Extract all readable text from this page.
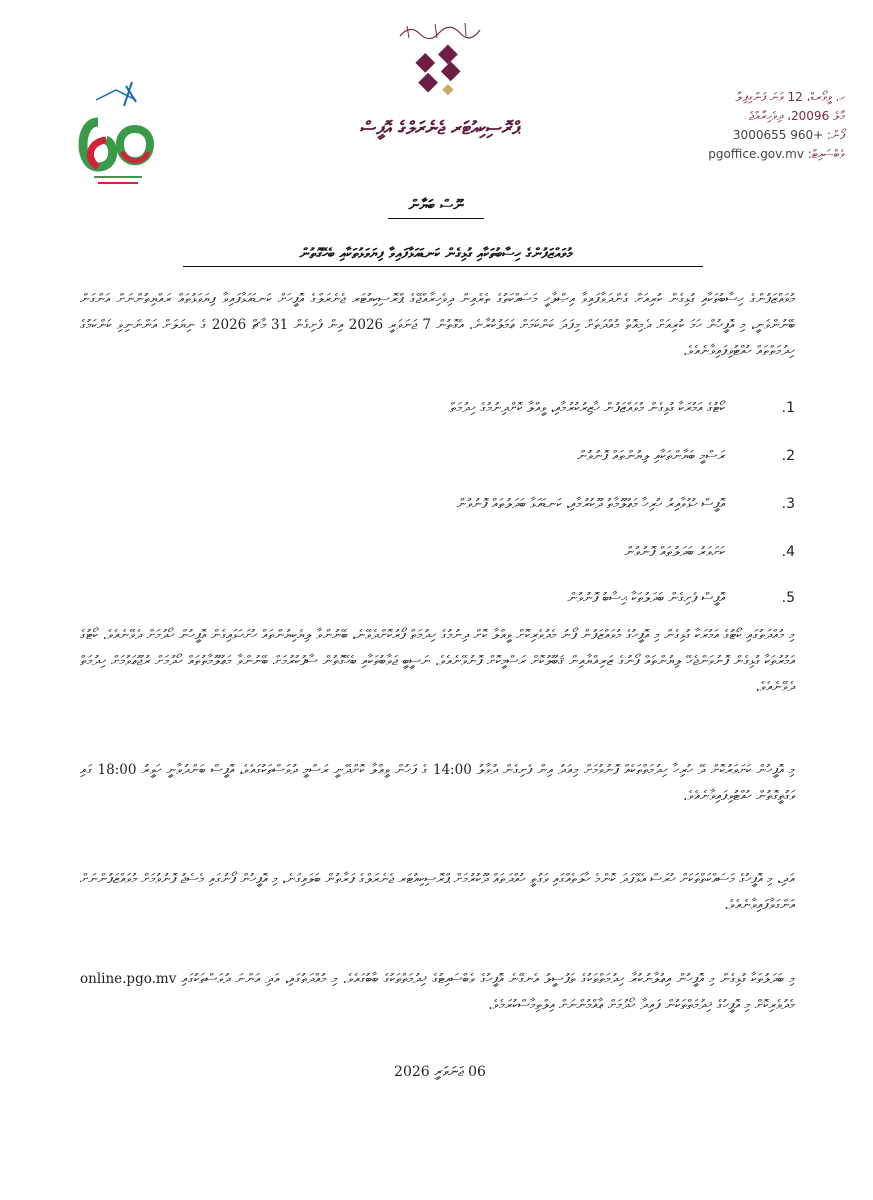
ޕްރޮސިކިއުޓަރ ޖެނެރަލްގެ އޮފީސް
ހ. ވީވޯރޑް، 12 ވަނަ ފަންގިފިލާ
މާލެ 20096، ދިވެހިރާއްޖެ
ފޯން: +960 3000655
ވެބްސައިޓް: pgoffice.gov.mv
ނޫސް ބަޔާން
މުވައްޒަފުންގެ ހިސާބުތަކާއި ގުޅިގެން ކަނޑައަޅާފައިވާ ފިޔަވަޅުތަކާއި ބެހޭގޮތުން
މުވައްޒަފުންގެ ހިސާބުތަކާއި ގުޅިގެން ކުރިއަށް ގެންދަވާފައިވާ އިޞްލާހީ މަސައްކަތުގެ ތެރެއިން ދިވެހިރާއްޖޭގެ ޕްރޮސިކިއުޓަރ ޖެނެރަލްގެ އޮފީހަށް ކަނޑައަޅާފައިވާ ފިޔަވަޅުތައް ރައްޔިތުންނަށް އަންގަން ބޭނުންވަނީ، މި އޮފީހުން ހަމަ ކުރިއަށް ދެމިއޮތް މުއްދަތަށް މިފަދަ ކަންކަމަށް ޢަމަލުކުރާނެ. އެގޮތުން 7 ޖަނަވަރީ 2026 އިން ފެށިގެން 31 މާޗް 2026 ގެ ނިޔަލަށް އަންނަނިވި ކަންކަމުގެ ހިދުމަތްތައް ހުއްޓުވިފައިވާނެއެވެ.
1.
ކޯޓުގެ އަމުރަކާ ގުޅިގެން މުވައްޒަފުން ހާޒިރުކުރުމާއި، ވީއްލާ ކޮށްދިނުމުގެ ހިދުމަތް
2.
ރަސްމީ ބަޔާންތަކާއި ލިޔުންތައް ފޮނުވުން
3.
އޮފީސް ހުޅުވާއިރު ހުރިހާ މަޢުލޫމާތު ދޫކުރުމާއި، ކަނޑައަޅާ ބަދަލުތައް ފޮނުވުން
4.
ކަށަވަރު ބަދަލުތައް ފޮނުވުން
5.
އޮފީސް ފެށިގެން ބަދަލުތަކާ ޙިސާބު ފޮނުވުން
މި މުއްދަތުގައި ކޯޓުގެ އަމުރަކާ ގުޅިގެން މި އޮފީހުގެ މުވައްޒަފުން ފޯނު މެދުވެރިކޮށް ވީއްލާ ކޮށް ދިނުމުގެ ހިދުމަތް ފޯރުކޮށްދެވޭނެ، ބޭނުންވާ ލިޔެކިޔުންތައް ހުށަހަޅައިގެން އޮފީހުން ހޯދުމަށް ދެވޭނެއެވެ. ކޯޓުގެ އަމުރުތަކާ ގުޅިގެން ފޮނުވަންޖެހޭ ލިޔުންތައް ފޯނުގެ ޒަރިއްޔާއިން ޤަބޫލުކޮށް ރަސްމީކޮށް ފޮނުވޭނެއެވެ. ނަސީބީ ޖަވާބުތަކާއި ބެހޭގޮތުން ސާފުކުރުމަށް ބޭނުންވާ މަޢުލޫމާތުތައް ހޯދުމަށް ރުޖޫޢަވުމަށް ހިދުމަތް ދެވޭނެއެވެ.
މި އޮފީހުން ކަށަވަރުކޮށް ދޭ ހުރިހާ ހިދުމަތްތަކެއް ފޮނުވުމަށް މިއަދު އިން ފެށިގެން ދުވާލު 14:00 ގެ ފަހުން ވީއްލާ ކޮށްދޭނީ ރަސްމީ ދުވަސްތަކުގައެވެ، އޮފީސް ބަންދުވާނީ ހަވީރު 18:00 ގައި ވަގުތީގޮތުން ހުއްޓުވިފައިވާނެއެވެ.
އަދި، މި އޮފީހުގެ މަސައްކަތްތަކަށް ހުރަސް އެޅޭފަދަ ކޮންމެ ހާލަތެއްގައި ވަގުތީ ހުއްދަތައް ދޫކުރުމަށް ޕްރޮސިކިއުޓަރ ޖެނެރަލްގެ ފަރާތުން ބަލައިގަނެ، މި އޮފީހުން ފޯނުގައި މެސެޖު ފޮނުވުމަށް މުވައްޒަފުންނަށް އަންގަވާފައިވާނެއެވެ.
މި ބަދަލުތަކާ ގުޅިގެން މި އޮފީހުން އިޢުލާނުކުރާ ހިދުމަތްތަކުގެ ތަފުސީލު އެނގޭނެ އޮފީހުގެ ވެބްސައިޓުގެ ޚިދުމަތްތަކުގެ ބާބުގައެވެ. މި މުއްދަތުގައި، އަދި އަންނަ ދުވަސްތަކުގައި online.pgo.mv މެދުވެރިކޮށް މި އޮފީހުގެ ޚިދުމަތްތަކުން ފައިދާ ހޯދުމަށް ޢާއްމުންނަށް އިލްތިމާސްކުރަމެވެ.
06 ޖަނަވަރީ 2026
